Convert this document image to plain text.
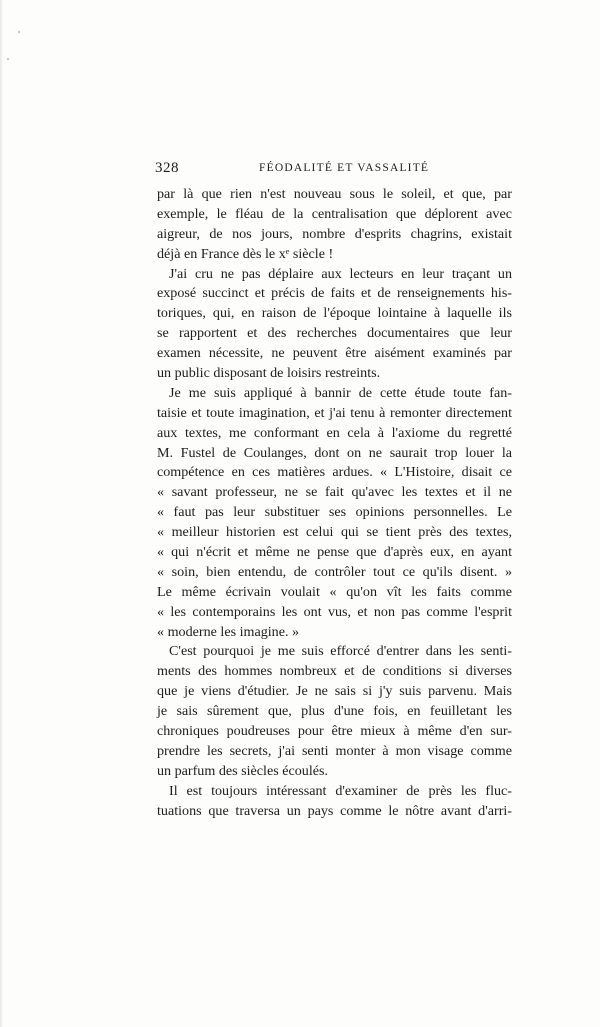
328	FÉODALITÉ ET VASSALITÉ
par là que rien n'est nouveau sous le soleil, et que, par
exemple, le fléau de la centralisation que déplorent avec
aigreur, de nos jours, nombre d'esprits chagrins, existait
déjà en France dès le xᵉ siècle !
J'ai cru ne pas déplaire aux lecteurs en leur traçant un
exposé succinct et précis de faits et de renseignements his-
toriques, qui, en raison de l'époque lointaine à laquelle ils
se rapportent et des recherches documentaires que leur
examen nécessite, ne peuvent être aisément examinés par
un public disposant de loisirs restreints.
Je me suis appliqué à bannir de cette étude toute fan-
taisie et toute imagination, et j'ai tenu à remonter directement
aux textes, me conformant en cela à l'axiome du regretté
M. Fustel de Coulanges, dont on ne saurait trop louer la
compétence en ces matières ardues. « L'Histoire, disait ce
« savant professeur, ne se fait qu'avec les textes et il ne
« faut pas leur substituer ses opinions personnelles. Le
« meilleur historien est celui qui se tient près des textes,
« qui n'écrit et même ne pense que d'après eux, en ayant
« soin, bien entendu, de contrôler tout ce qu'ils disent. »
Le même écrivain voulait « qu'on vît les faits comme
« les contemporains les ont vus, et non pas comme l'esprit
« moderne les imagine. »
C'est pourquoi je me suis efforcé d'entrer dans les senti-
ments des hommes nombreux et de conditions si diverses
que je viens d'étudier. Je ne sais si j'y suis parvenu. Mais
je sais sûrement que, plus d'une fois, en feuilletant les
chroniques poudreuses pour être mieux à même d'en sur-
prendre les secrets, j'ai senti monter à mon visage comme
un parfum des siècles écoulés.
Il est toujours intéressant d'examiner de près les fluc-
tuations que traversa un pays comme le nôtre avant d'arri-
